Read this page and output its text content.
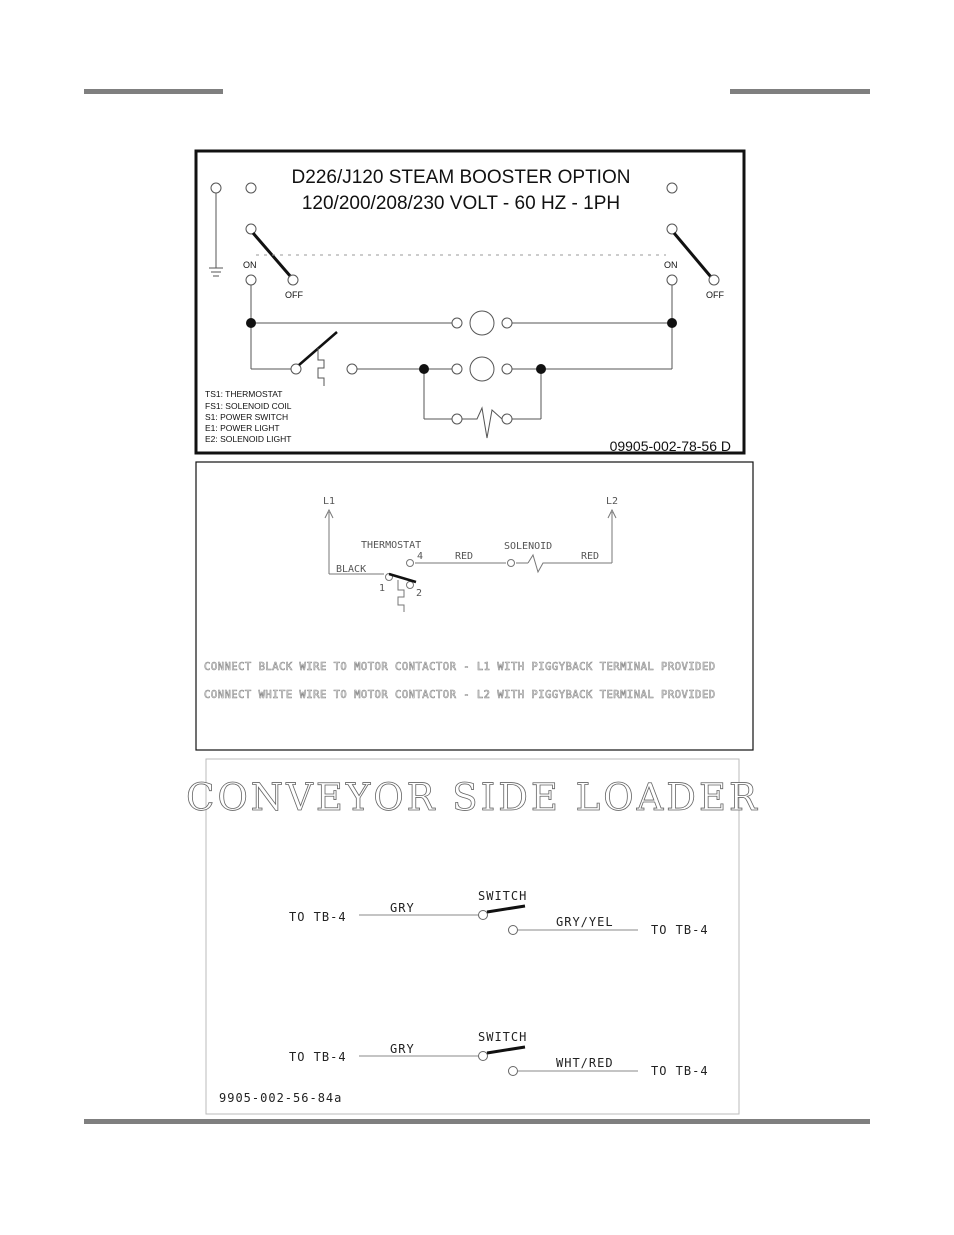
D226/J120 STEAM BOOSTER OPTION
120/200/208/230 VOLT - 60 HZ - 1PH
ON
OFF
ON
OFF
TS1: THERMOSTAT
FS1: SOLENOID COIL
S1: POWER SWITCH
E1: POWER LIGHT
E2: SOLENOID LIGHT	09905-002-78-56 D
L1	L2
THERMOSTAT
4
1	2
RED
SOLENOID
RED
BLACK
CONNECT BLACK WIRE TO MOTOR CONTACTOR - L1 WITH PIGGYBACK TERMINAL PROVIDED
CONNECT WHITE WIRE TO MOTOR CONTACTOR - L2 WITH PIGGYBACK TERMINAL PROVIDED
CONVEYOR SIDE LOADER
TO TB-4
GRY
SWITCH
GRY/YEL
TO TB-4
TO TB-4
GRY
SWITCH
WHT/RED
TO TB-4
9905-002-56-84a
